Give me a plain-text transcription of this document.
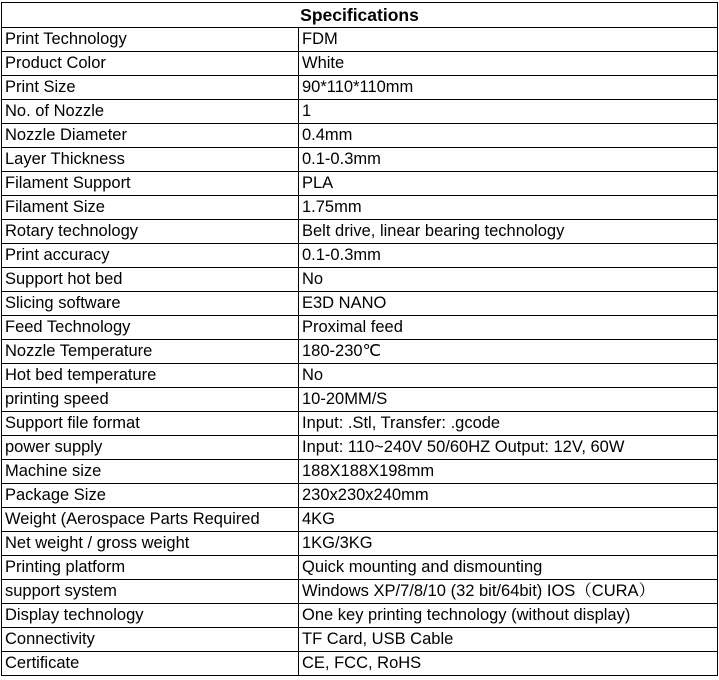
Specifications	
Print Technology	FDM
Product Color	White
Print Size	90*110*110mm
No. of Nozzle	1
Nozzle Diameter	0.4mm
Layer Thickness	0.1-0.3mm
Filament Support	PLA
Filament Size	1.75mm
Rotary technology	Belt drive, linear bearing technology
Print accuracy	0.1-0.3mm
Support hot bed	No
Slicing software	E3D NANO
Feed Technology	Proximal feed
Nozzle Temperature	180-230℃
Hot bed temperature	No
printing speed	10-20MM/S
Support file format	Input: .Stl, Transfer: .gcode
power supply	Input: 110~240V 50/60HZ Output: 12V, 60W
Machine size	188X188X198mm
Package Size	230x230x240mm
Weight (Aerospace Parts Required	4KG
Net weight / gross weight	1KG/3KG
Printing platform	Quick mounting and dismounting
support system	Windows XP/7/8/10 (32 bit/64bit) IOS（CURA）
Display technology	One key printing technology (without display)
Connectivity	TF Card, USB Cable
Certificate	CE, FCC, RoHS
